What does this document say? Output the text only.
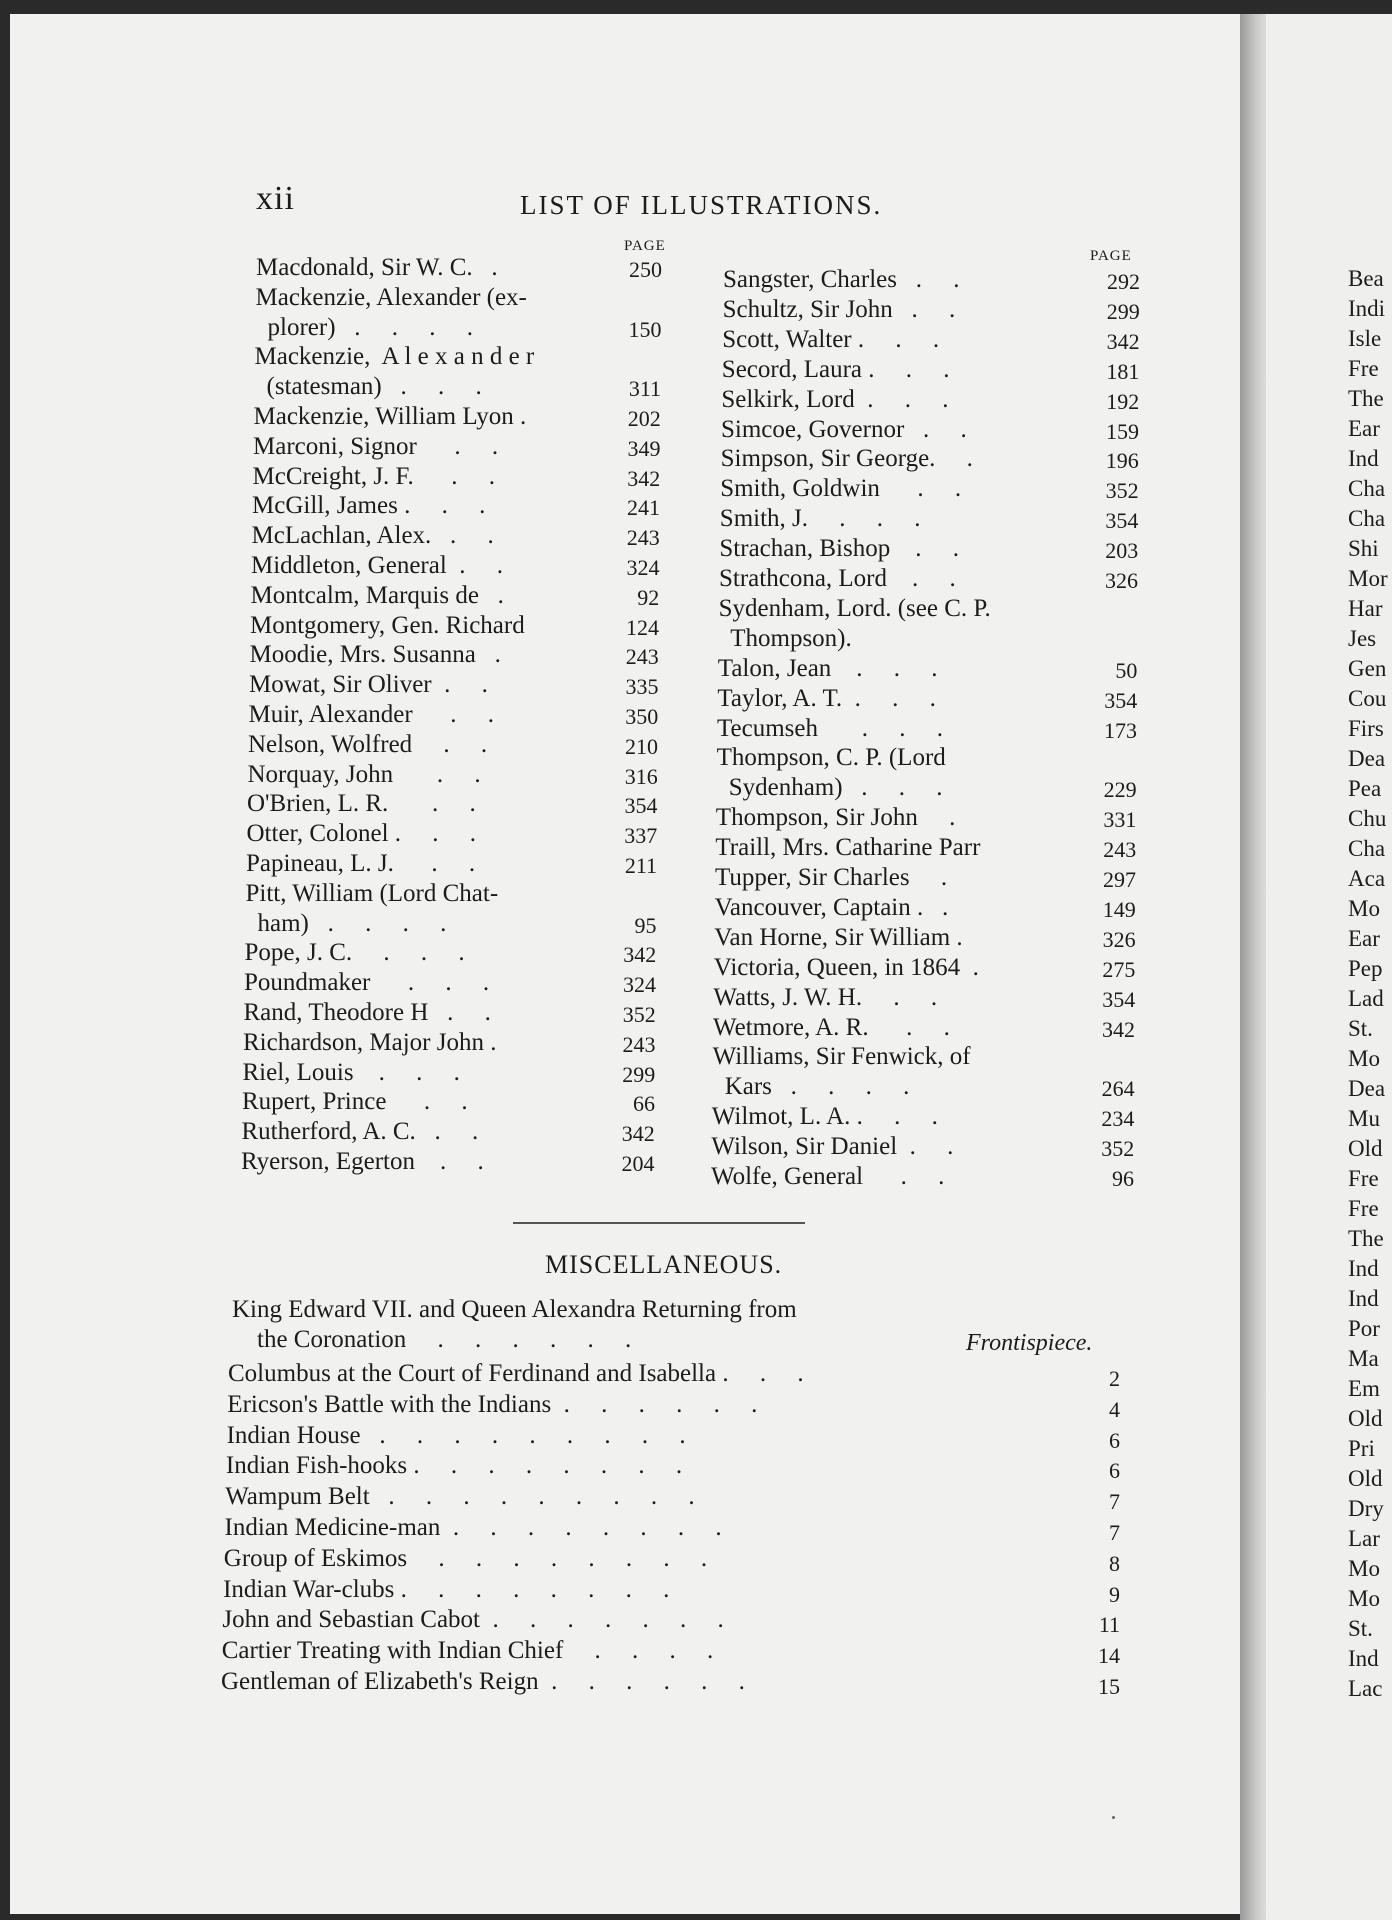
xii	LIST OF ILLUSTRATIONS.
PAGE
PAGE
MISCELLANEOUS.
Macdonald, Sir W. C.   .	250
Mackenzie, Alexander (ex-
plorer)   .     .     .     .	150
Mackenzie,  A l e x a n d e r
(statesman)   .     .     .	311
Mackenzie, William Lyon .	202
Marconi, Signor      .     .	349
McCreight, J. F.      .     .	342
McGill, James .     .     .	241
McLachlan, Alex.   .     .	243
Middleton, General  .     .	324
Montcalm, Marquis de   .	92
Montgomery, Gen. Richard	124
Moodie, Mrs. Susanna   .	243
Mowat, Sir Oliver  .     .	335
Muir, Alexander      .     .	350
Nelson, Wolfred     .     .	210
Norquay, John       .     .	316
O'Brien, L. R.       .     .	354
Otter, Colonel .     .     .	337
Papineau, L. J.      .     .	211
Pitt, William (Lord Chat-
ham)   .     .     .     .	95
Pope, J. C.     .     .     .	342
Poundmaker      .     .     .	324
Rand, Theodore H   .     .	352
Richardson, Major John .	243
Riel, Louis    .     .     .	299
Rupert, Prince      .     .	66
Rutherford, A. C.   .     .	342
Ryerson, Egerton    .     .	204
Sangster, Charles   .     .	292
Schultz, Sir John   .     .	299
Scott, Walter .     .     .	342
Secord, Laura .     .     .	181
Selkirk, Lord  .     .     .	192
Simcoe, Governor   .     .	159
Simpson, Sir George.     .	196
Smith, Goldwin      .     .	352
Smith, J.     .     .     .	354
Strachan, Bishop    .     .	203
Strathcona, Lord    .     .	326
Sydenham, Lord. (see C. P.
Thompson).
Talon, Jean    .     .     .	50
Taylor, A. T.  .     .     .	354
Tecumseh       .     .     .	173
Thompson, C. P. (Lord
Sydenham)   .     .     .	229
Thompson, Sir John     .	331
Traill, Mrs. Catharine Parr	243
Tupper, Sir Charles     .	297
Vancouver, Captain .   .	149
Van Horne, Sir William .	326
Victoria, Queen, in 1864  .	275
Watts, J. W. H.     .     .	354
Wetmore, A. R.      .     .	342
Williams, Sir Fenwick, of
Kars   .     .     .     .	264
Wilmot, L. A. .     .     .	234
Wilson, Sir Daniel  .     .	352
Wolfe, General      .     .	96
King Edward VII. and Queen Alexandra Returning from
the Coronation     .     .     .     .     .     .	Frontispiece.
Columbus at the Court of Ferdinand and Isabella .     .     .	2
Ericson's Battle with the Indians  .     .     .     .     .     .	4
Indian House   .     .     .     .     .     .     .     .     .	6
Indian Fish-hooks .     .     .     .     .     .     .     .	6
Wampum Belt   .     .     .     .     .     .     .     .     .	7
Indian Medicine-man  .     .     .     .     .     .     .     .	7
Group of Eskimos     .     .     .     .     .     .     .     .	8
Indian War-clubs .     .     .     .     .     .     .     .	9
John and Sebastian Cabot  .     .     .     .     .     .     .	11
Cartier Treating with Indian Chief     .     .     .     .	14
Gentleman of Elizabeth's Reign  .     .     .     .     .     .	15
Bea
Indi
Isle
Fre
The
Ear
Ind
Cha
Cha
Shi
Mor
Har
Jes
Gen
Cou
Firs
Dea
Pea
Chu
Cha
Aca
Mo
Ear
Pep
Lad
St.
Mo
Dea
Mu
Old
Fre
Fre
The
Ind
Ind
Por
Ma
Em
Old
Pri
Old
Dry
Lar
Mo
Mo
St.
Ind
Lac
